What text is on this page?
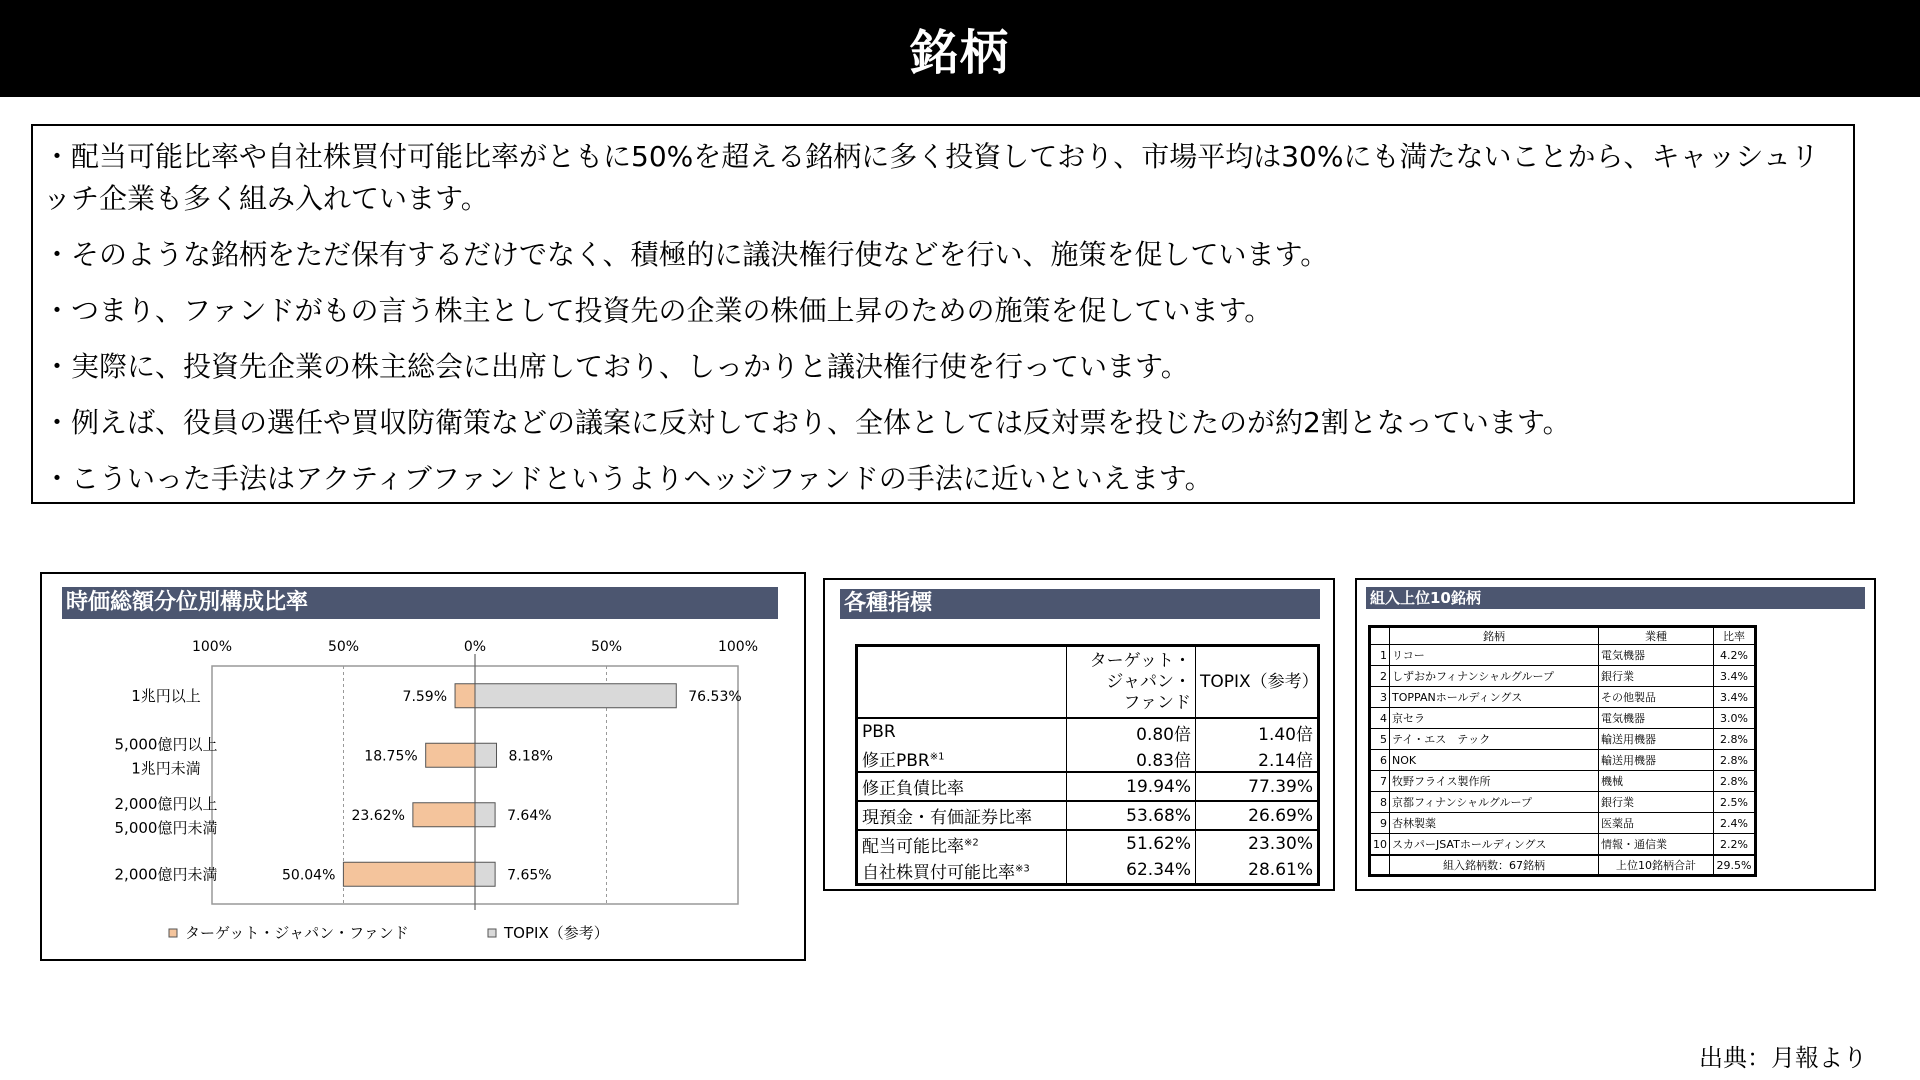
銘柄

・配当可能比率や自社株買付可能比率がともに50%を超える銘柄に多く投資しており、市場平均は30%にも満たないことから、キャッシュリッチ企業も多く組み入れています。

・そのような銘柄をただ保有するだけでなく、積極的に議決権行使などを行い、施策を促しています。

・つまり、ファンドがもの言う株主として投資先の企業の株価上昇のための施策を促しています。

・実際に、投資先企業の株主総会に出席しており、しっかりと議決権行使を行っています。

・例えば、役員の選任や買収防衛策などの議案に反対しており、全体としては反対票を投じたのが約2割となっています。

・こういった手法はアクティブファンドというよりヘッジファンドの手法に近いといえます。

時価総額分位別構成比率
100%	50%	0%	50%	100%
1兆円以上	7.59%	76.53%
5,000億円以上
1兆円未満
18.75%	8.18%
2,000億円以上
5,000億円未満
23.62%	7.64%
2,000億円未満	50.04%	7.65%
ターゲット・ジャパン・ファンド	TOPIX（参考）
各種指標

	ターゲット・
ジャパン・
ファンド	TOPIX（参考）
PBR	0.80倍	1.40倍
修正PBR$^{※1}$	0.83倍	2.14倍
修正負債比率	19.94%	77.39%
現預金・有価証券比率	53.68%	26.69%
配当可能比率$^{※2}$	51.62%	23.30%
自社株買付可能比率$^{※3}$	62.34%	28.61%
組入上位10銘柄
	銘柄	業種	比率
1	リコー	電気機器	4.2%
2	しずおかフィナンシャルグループ	銀行業	3.4%
3	TOPPANホールディングス	その他製品	3.4%
4	京セラ	電気機器	3.0%
5	テイ・エス　テック	輸送用機器	2.8%
6	NOK	輸送用機器	2.8%
7	牧野フライス製作所	機械	2.8%
8	京都フィナンシャルグループ	銀行業	2.5%
9	杏林製薬	医薬品	2.4%
10	スカパーJSATホールディングス	情報・通信業	2.2%
	組入銘柄数：67銘柄	上位10銘柄合計	29.5%
出典：月報より
